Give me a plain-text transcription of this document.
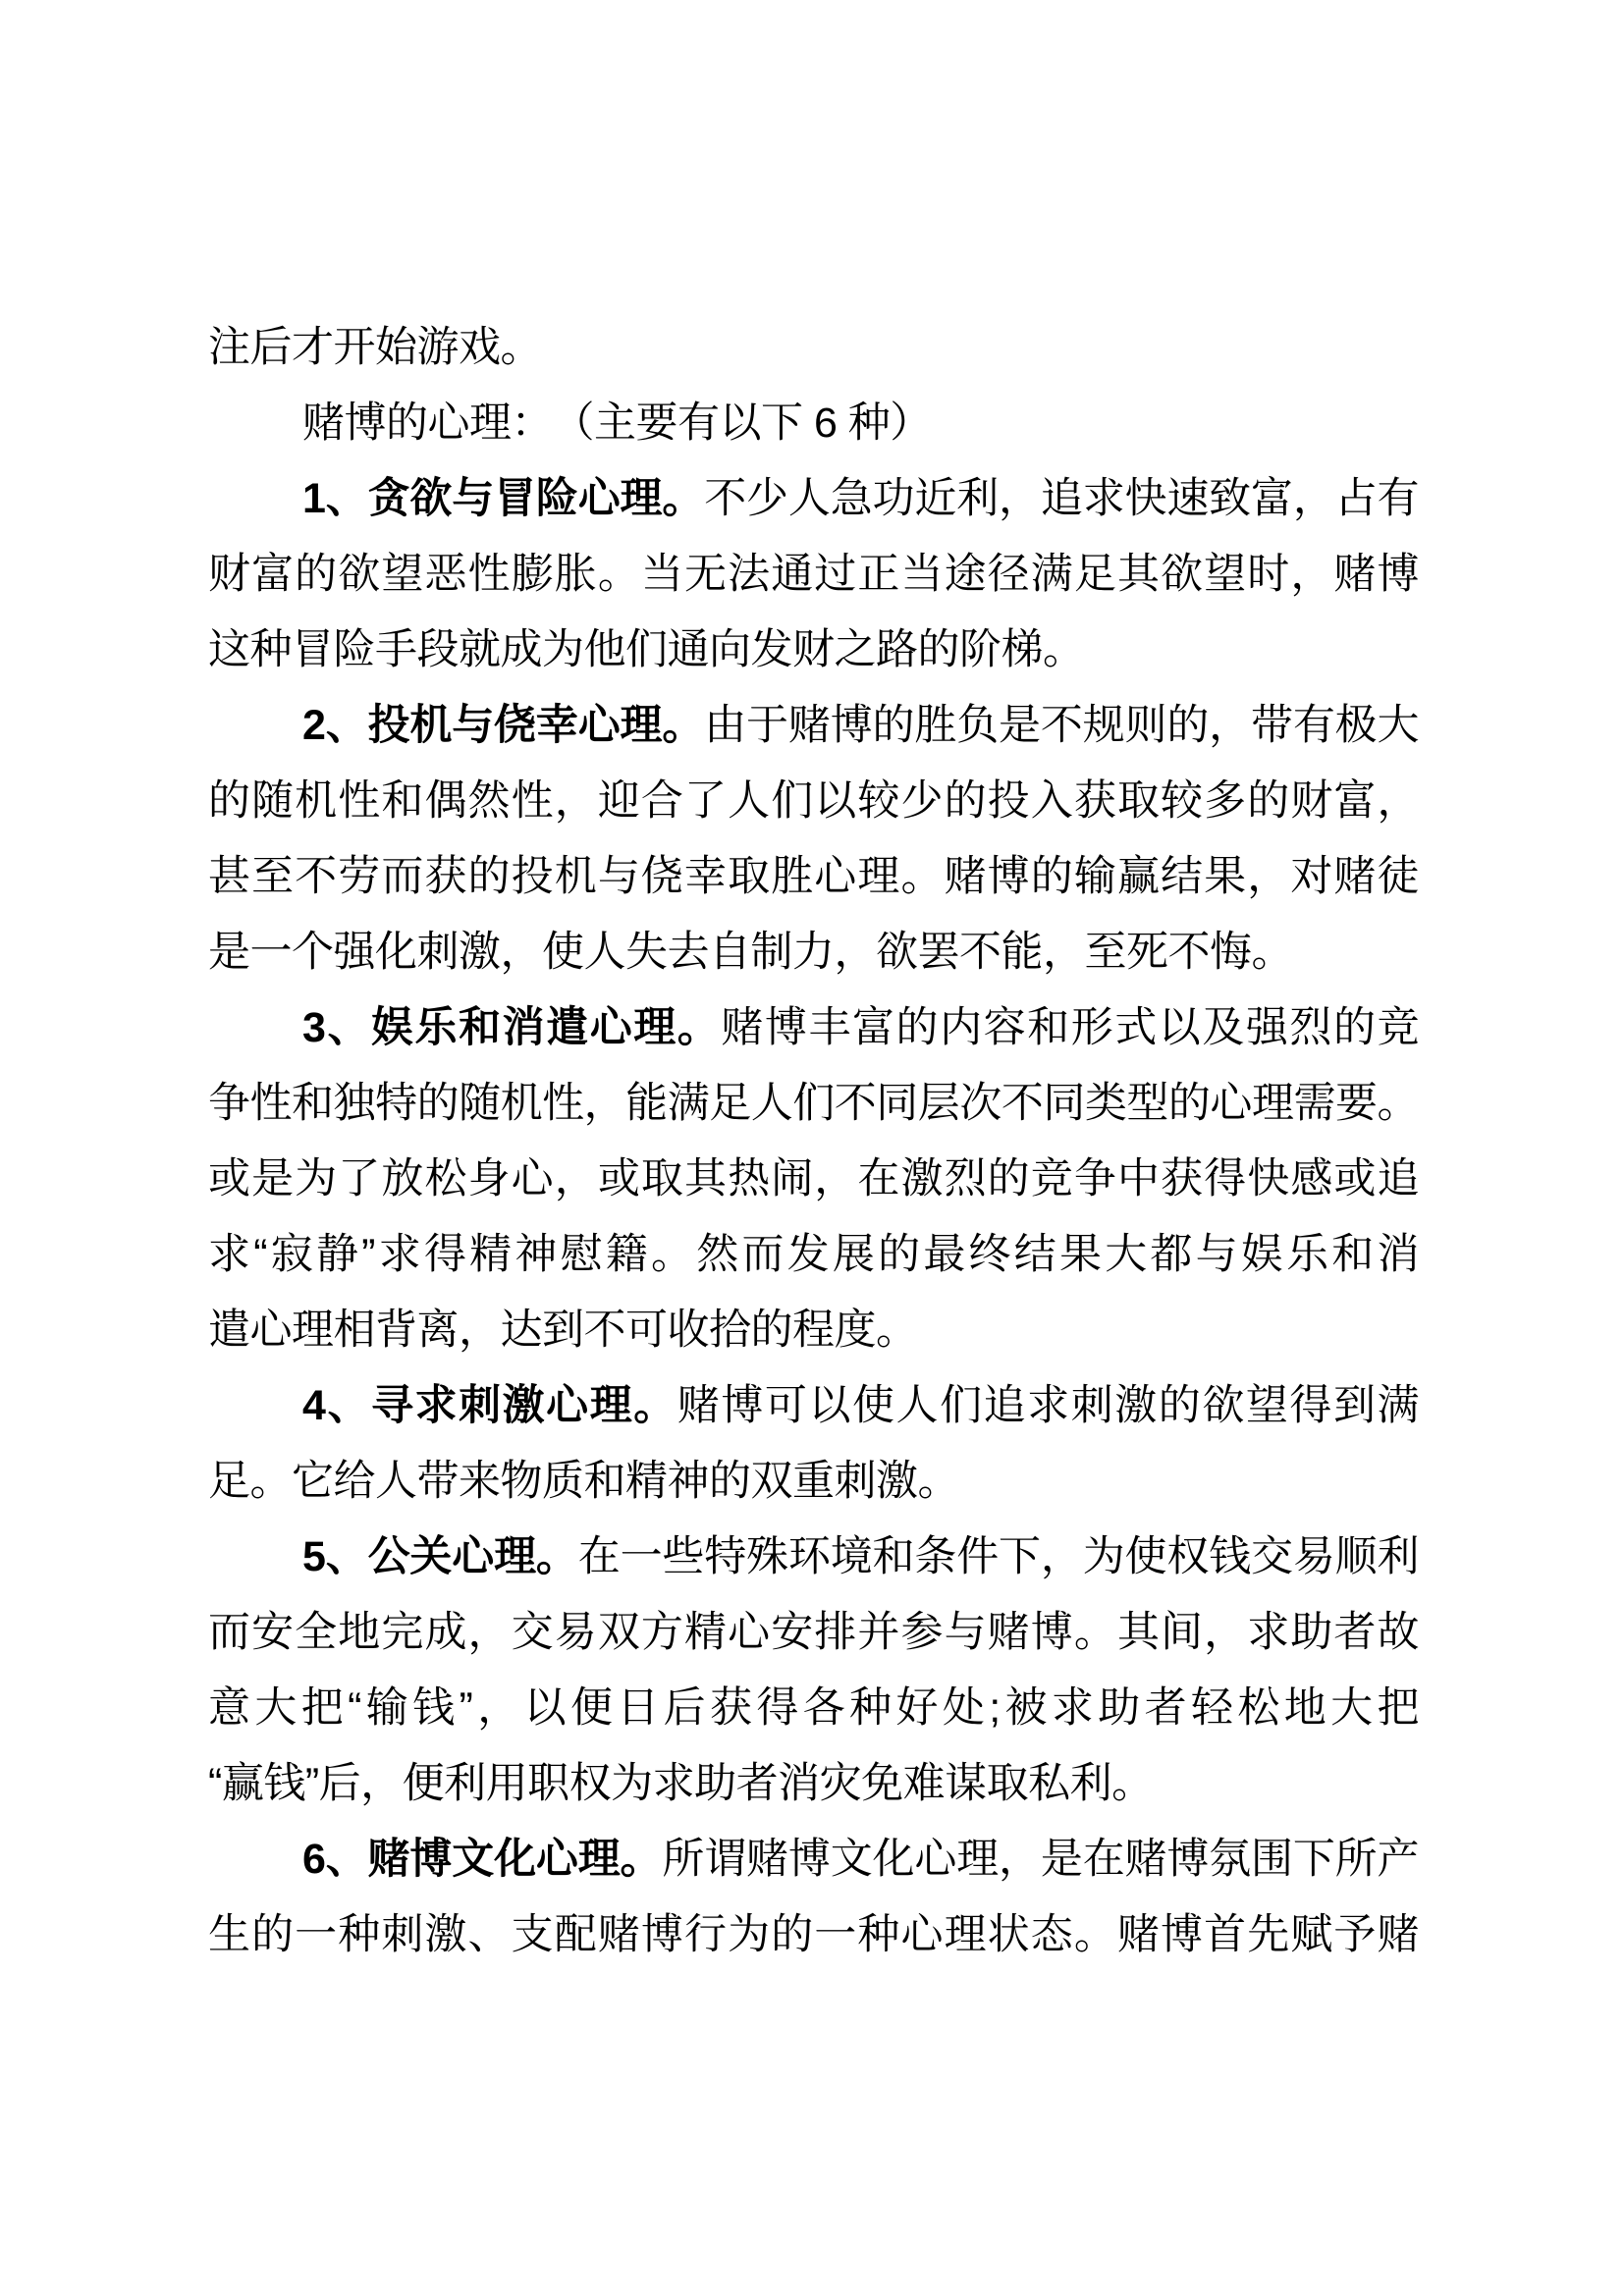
注后才开始游戏。
赌博的心理：　（主要有以下 6 种）
1、贪欲与冒险心理。不少人急功近利，追求快速致富，占有
财富的欲望恶性膨胀。当无法通过正当途径满足其欲望时，赌博
这种冒险手段就成为他们通向发财之路的阶梯。
2、投机与侥幸心理。由于赌博的胜负是不规则的，带有极大
的随机性和偶然性，迎合了人们以较少的投入获取较多的财富，
甚至不劳而获的投机与侥幸取胜心理。赌博的输赢结果，对赌徒
是一个强化刺激，使人失去自制力，欲罢不能，至死不悔。
3、娱乐和消遣心理。赌博丰富的内容和形式以及强烈的竞
争性和独特的随机性，能满足人们不同层次不同类型的心理需要。
或是为了放松身心，或取其热闹，在激烈的竞争中获得快感或追
求“寂静”求得精神慰籍。然而发展的最终结果大都与娱乐和消
遣心理相背离，达到不可收拾的程度。
4、寻求刺激心理。赌博可以使人们追求刺激的欲望得到满
足。它给人带来物质和精神的双重刺激。
5、公关心理。在一些特殊环境和条件下，为使权钱交易顺利
而安全地完成，交易双方精心安排并参与赌博。其间，求助者故
意大把“输钱”，以便日后获得各种好处;被求助者轻松地大把
“赢钱”后，便利用职权为求助者消灾免难谋取私利。
6、赌博文化心理。所谓赌博文化心理，是在赌博氛围下所产
生的一种刺激、支配赌博行为的一种心理状态。赌博首先赋予赌
